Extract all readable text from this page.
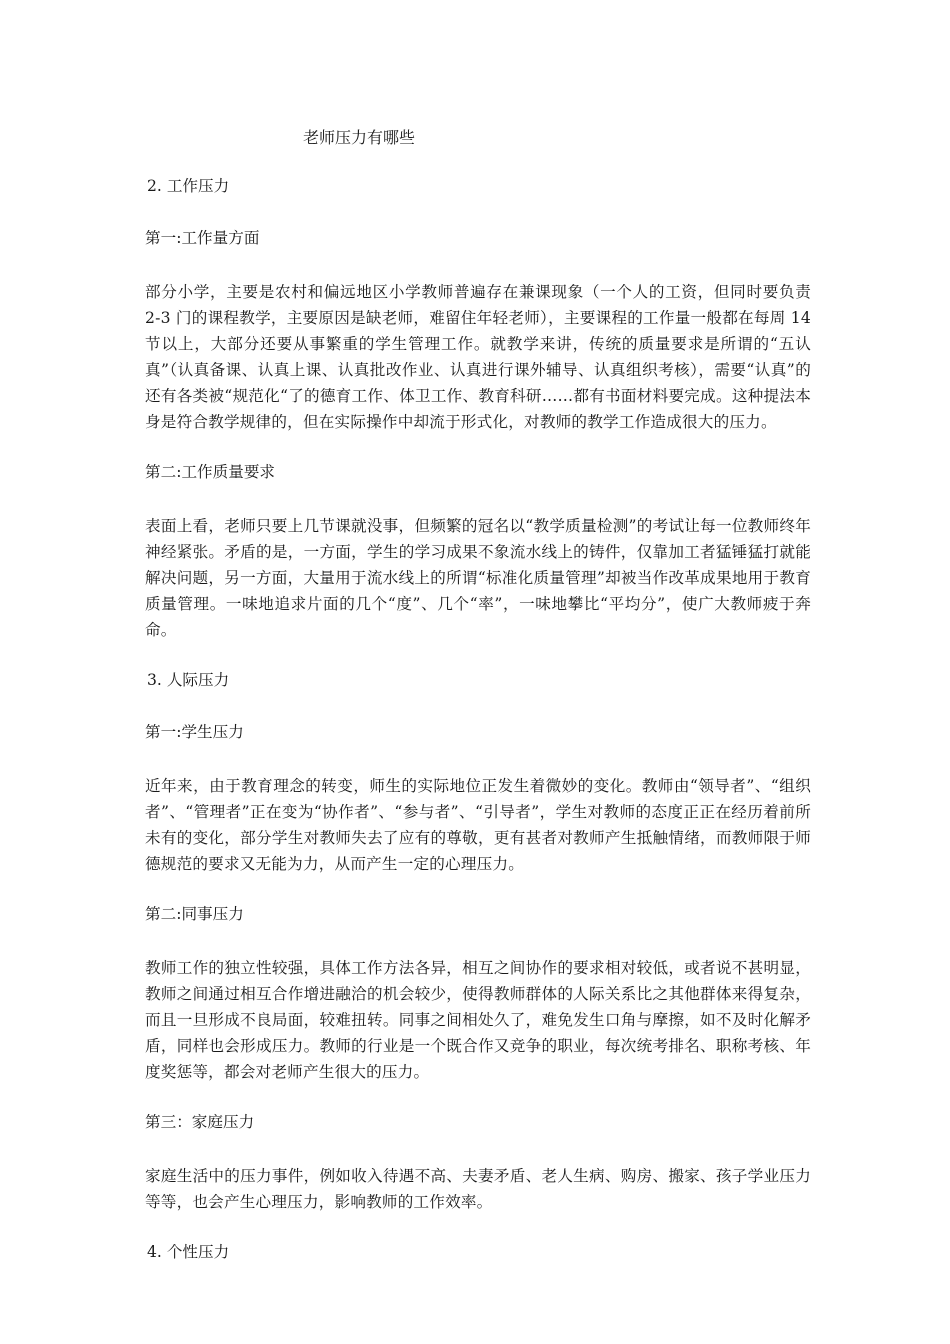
老师压力有哪些

2. 工作压力

第一:工作量方面

部分小学，主要是农村和偏远地区小学教师普遍存在兼课现象（一个人的工资，但同时要负责 2-3 门的课程教学，主要原因是缺老师，难留住年轻老师），主要课程的工作量一般都在每周 14 节以上，大部分还要从事繁重的学生管理工作。就教学来讲，传统的质量要求是所谓的“五认真”（认真备课、认真上课、认真批改作业、认真进行课外辅导、认真组织考核），需要“认真”的还有各类被“规范化“了的德育工作、体卫工作、教育科研……都有书面材料要完成。这种提法本身是符合教学规律的，但在实际操作中却流于形式化，对教师的教学工作造成很大的压力。

第二:工作质量要求

表面上看，老师只要上几节课就没事，但频繁的冠名以“教学质量检测”的考试让每一位教师终年神经紧张。矛盾的是，一方面，学生的学习成果不象流水线上的铸件，仅靠加工者猛锤猛打就能解决问题，另一方面，大量用于流水线上的所谓“标准化质量管理”却被当作改革成果地用于教育质量管理。一味地追求片面的几个“度”、几个“率”，一味地攀比“平均分”，使广大教师疲于奔命。

3. 人际压力

第一:学生压力

近年来，由于教育理念的转变，师生的实际地位正发生着微妙的变化。教师由“领导者”、“组织者”、“管理者”正在变为“协作者”、“参与者”、“引导者”，学生对教师的态度正正在经历着前所未有的变化，部分学生对教师失去了应有的尊敬，更有甚者对教师产生抵触情绪，而教师限于师德规范的要求又无能为力，从而产生一定的心理压力。

第二:同事压力

教师工作的独立性较强，具体工作方法各异，相互之间协作的要求相对较低，或者说不甚明显，教师之间通过相互合作增进融洽的机会较少，使得教师群体的人际关系比之其他群体来得复杂，而且一旦形成不良局面，较难扭转。同事之间相处久了，难免发生口角与摩擦，如不及时化解矛盾，同样也会形成压力。教师的行业是一个既合作又竞争的职业，每次统考排名、职称考核、年度奖惩等，都会对老师产生很大的压力。

第三：家庭压力

家庭生活中的压力事件，例如收入待遇不高、夫妻矛盾、老人生病、购房、搬家、孩子学业压力等等，也会产生心理压力，影响教师的工作效率。

4. 个性压力
